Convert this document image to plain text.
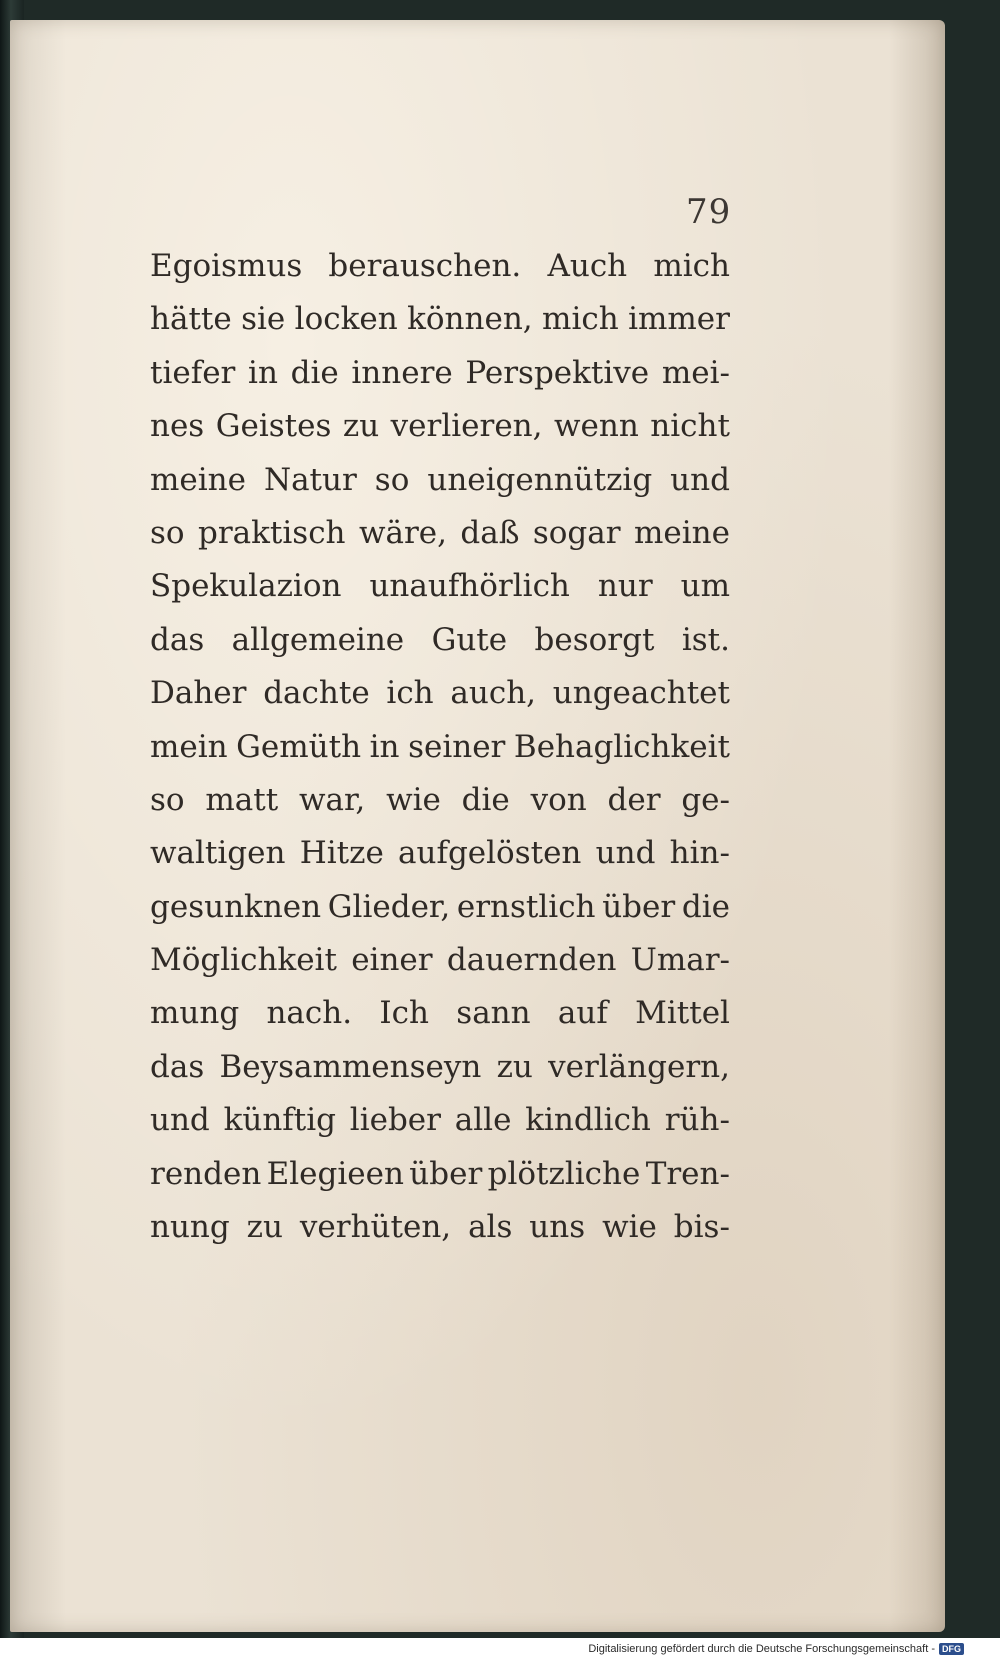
79
Egoismus berauschen. Auch mich
hätte sie locken können, mich immer
tiefer in die innere Perspektive mei-
nes Geistes zu verlieren, wenn nicht
meine Natur so uneigennützig und
so praktisch wäre, daß sogar meine
Spekulazion unaufhörlich nur um
das allgemeine Gute besorgt ist.
Daher dachte ich auch, ungeachtet
mein Gemüth in seiner Behaglichkeit
so matt war, wie die von der ge-
waltigen Hitze aufgelösten und hin-
gesunknen Glieder, ernstlich über die
Möglichkeit einer dauernden Umar-
mung nach. Ich sann auf Mittel
das Beysammenseyn zu verlängern,
und künftig lieber alle kindlich rüh-
renden Elegieen über plötzliche Tren-
nung zu verhüten, als uns wie bis-
Digitalisierung gefördert durch die Deutsche Forschungsgemeinschaft - DFG
